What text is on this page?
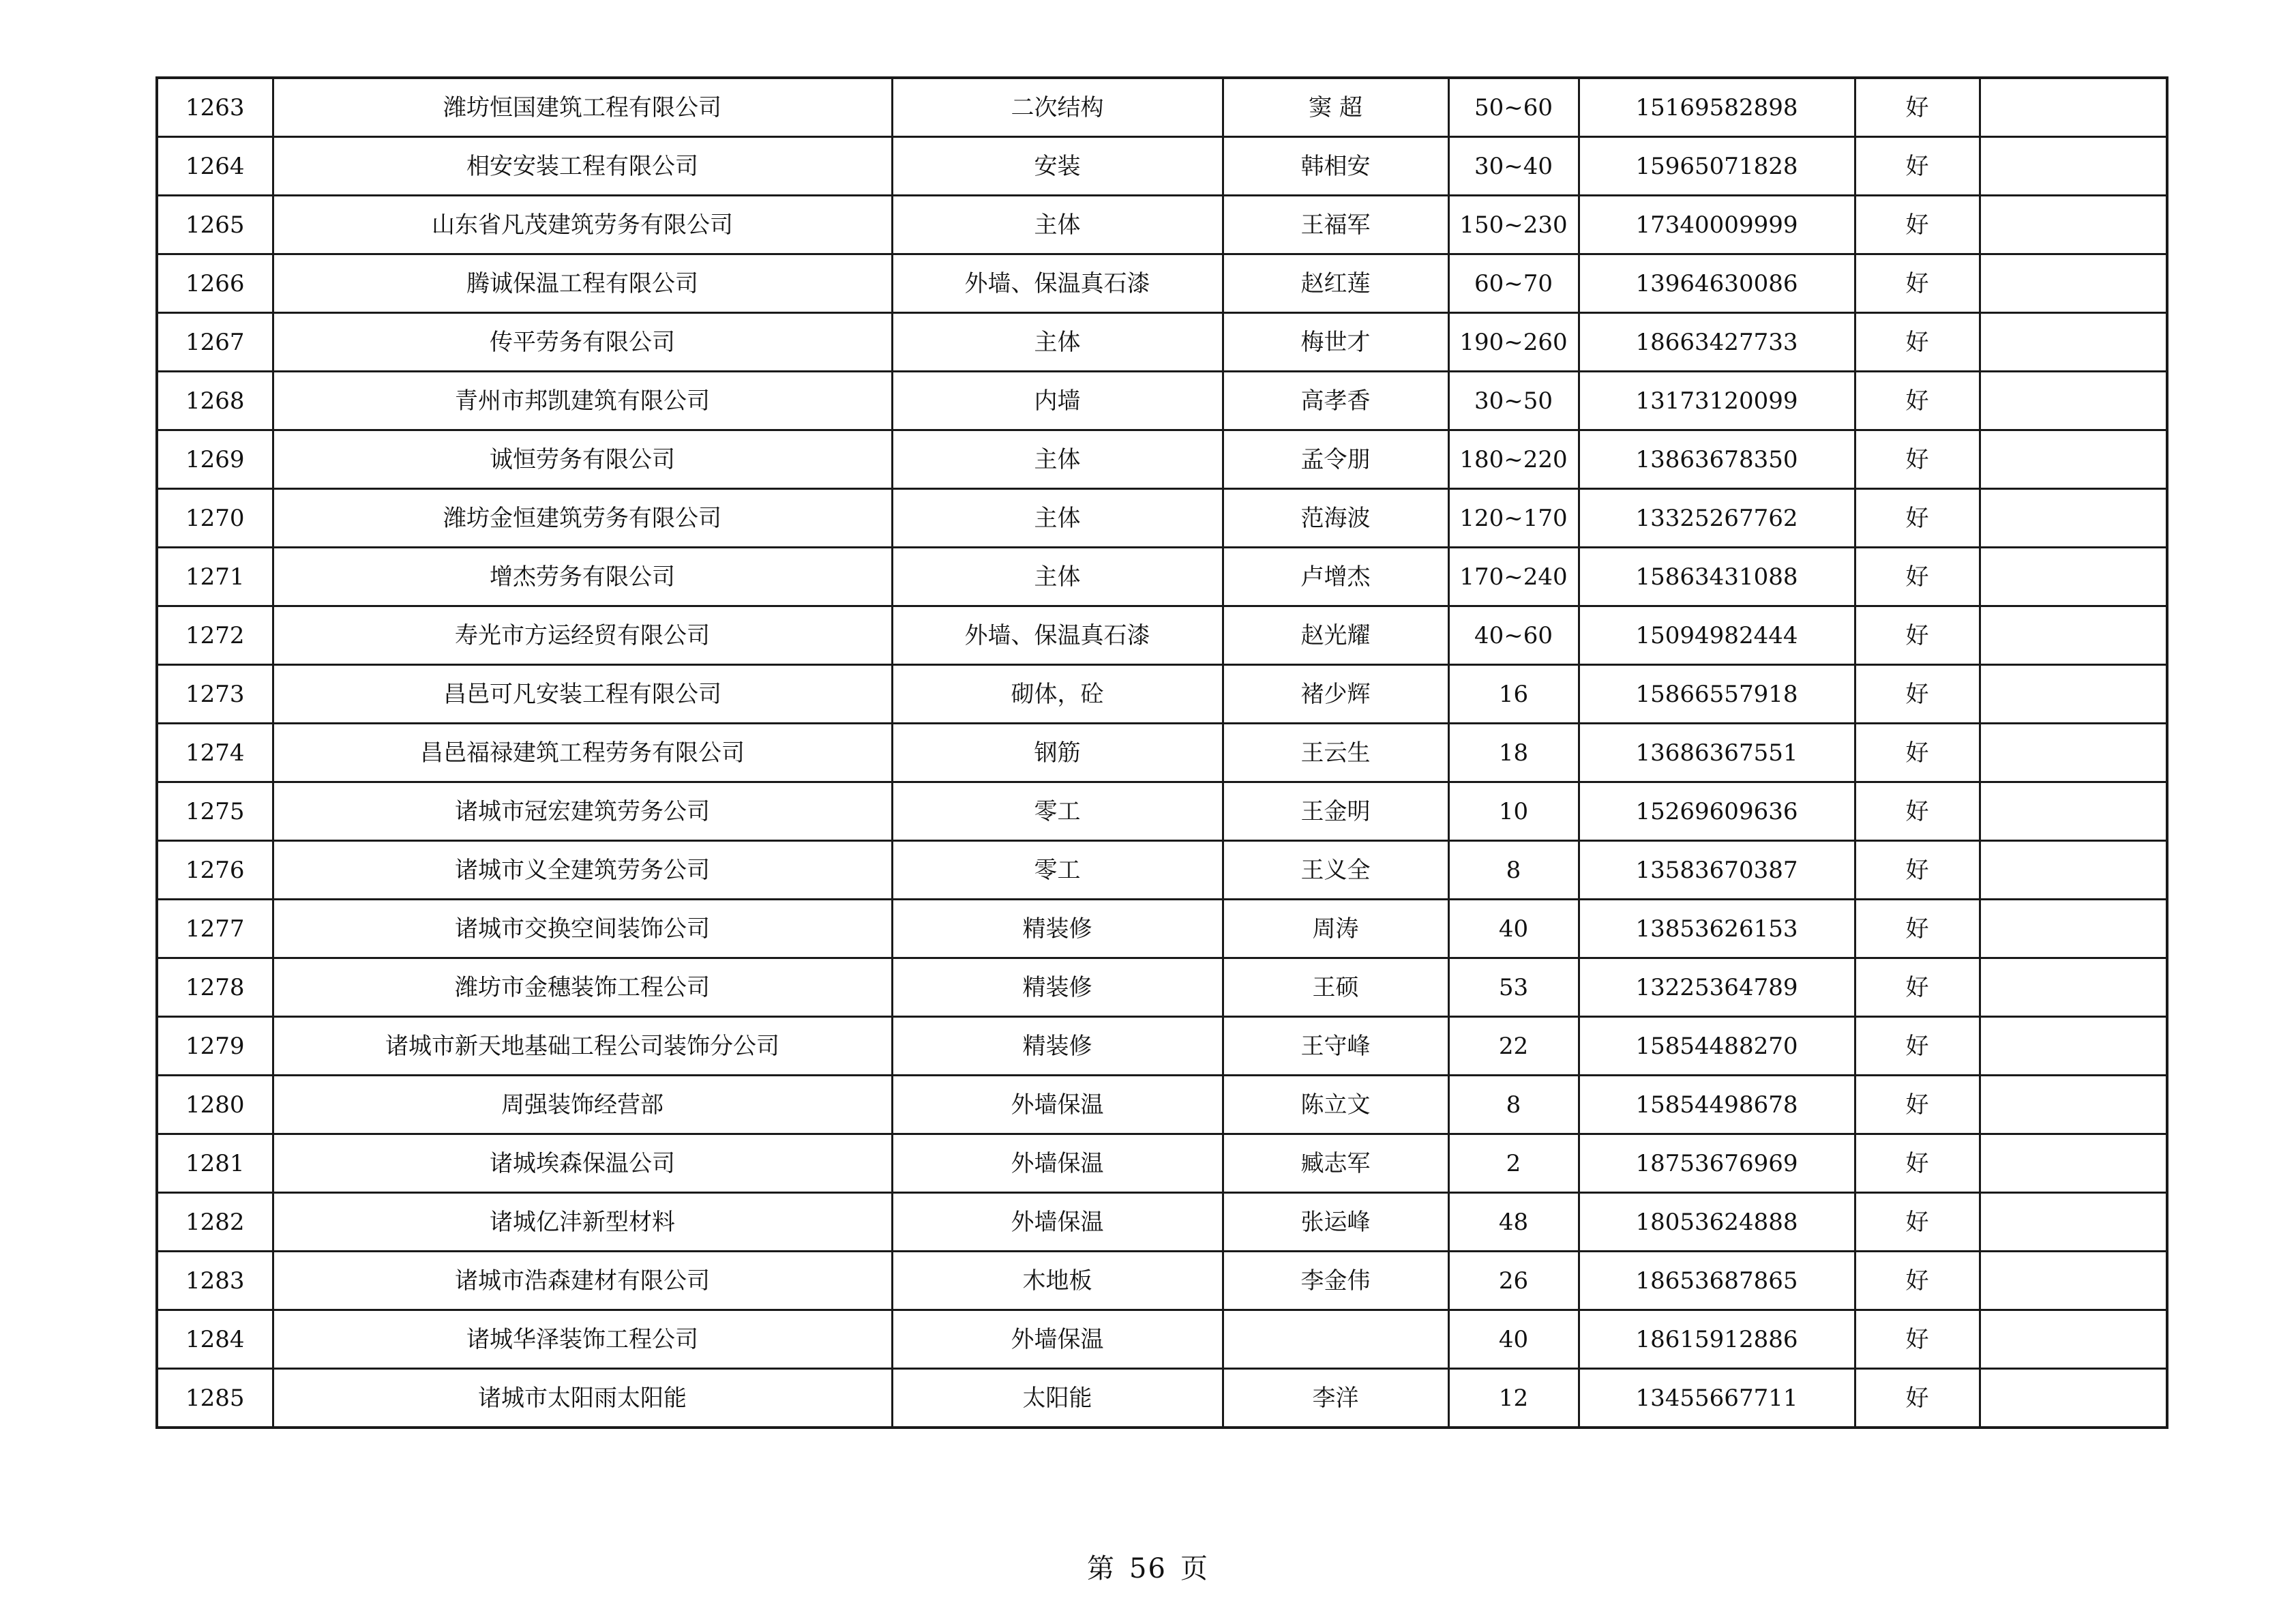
1263	潍坊恒国建筑工程有限公司	二次结构	窦 超	50~60	15169582898	好	
1264	相安安装工程有限公司	安装	韩相安	30~40	15965071828	好	
1265	山东省凡茂建筑劳务有限公司	主体	王福军	150~230	17340009999	好	
1266	腾诚保温工程有限公司	外墙、保温真石漆	赵红莲	60~70	13964630086	好	
1267	传平劳务有限公司	主体	梅世才	190~260	18663427733	好	
1268	青州市邦凯建筑有限公司	内墙	高孝香	30~50	13173120099	好	
1269	诚恒劳务有限公司	主体	孟令朋	180~220	13863678350	好	
1270	潍坊金恒建筑劳务有限公司	主体	范海波	120~170	13325267762	好	
1271	增杰劳务有限公司	主体	卢增杰	170~240	15863431088	好	
1272	寿光市方运经贸有限公司	外墙、保温真石漆	赵光耀	40~60	15094982444	好	
1273	昌邑可凡安装工程有限公司	砌体，砼	褚少辉	16	15866557918	好	
1274	昌邑福禄建筑工程劳务有限公司	钢筋	王云生	18	13686367551	好	
1275	诸城市冠宏建筑劳务公司	零工	王金明	10	15269609636	好	
1276	诸城市义全建筑劳务公司	零工	王义全	8	13583670387	好	
1277	诸城市交换空间装饰公司	精装修	周涛	40	13853626153	好	
1278	潍坊市金穗装饰工程公司	精装修	王硕	53	13225364789	好	
1279	诸城市新天地基础工程公司装饰分公司	精装修	王守峰	22	15854488270	好	
1280	周强装饰经营部	外墙保温	陈立文	8	15854498678	好	
1281	诸城埃森保温公司	外墙保温	臧志军	2	18753676969	好	
1282	诸城亿沣新型材料	外墙保温	张运峰	48	18053624888	好	
1283	诸城市浩森建材有限公司	木地板	李金伟	26	18653687865	好	
1284	诸城华泽装饰工程公司	外墙保温		40	18615912886	好	
1285	诸城市太阳雨太阳能	太阳能	李洋	12	13455667711	好	
第 56 页
